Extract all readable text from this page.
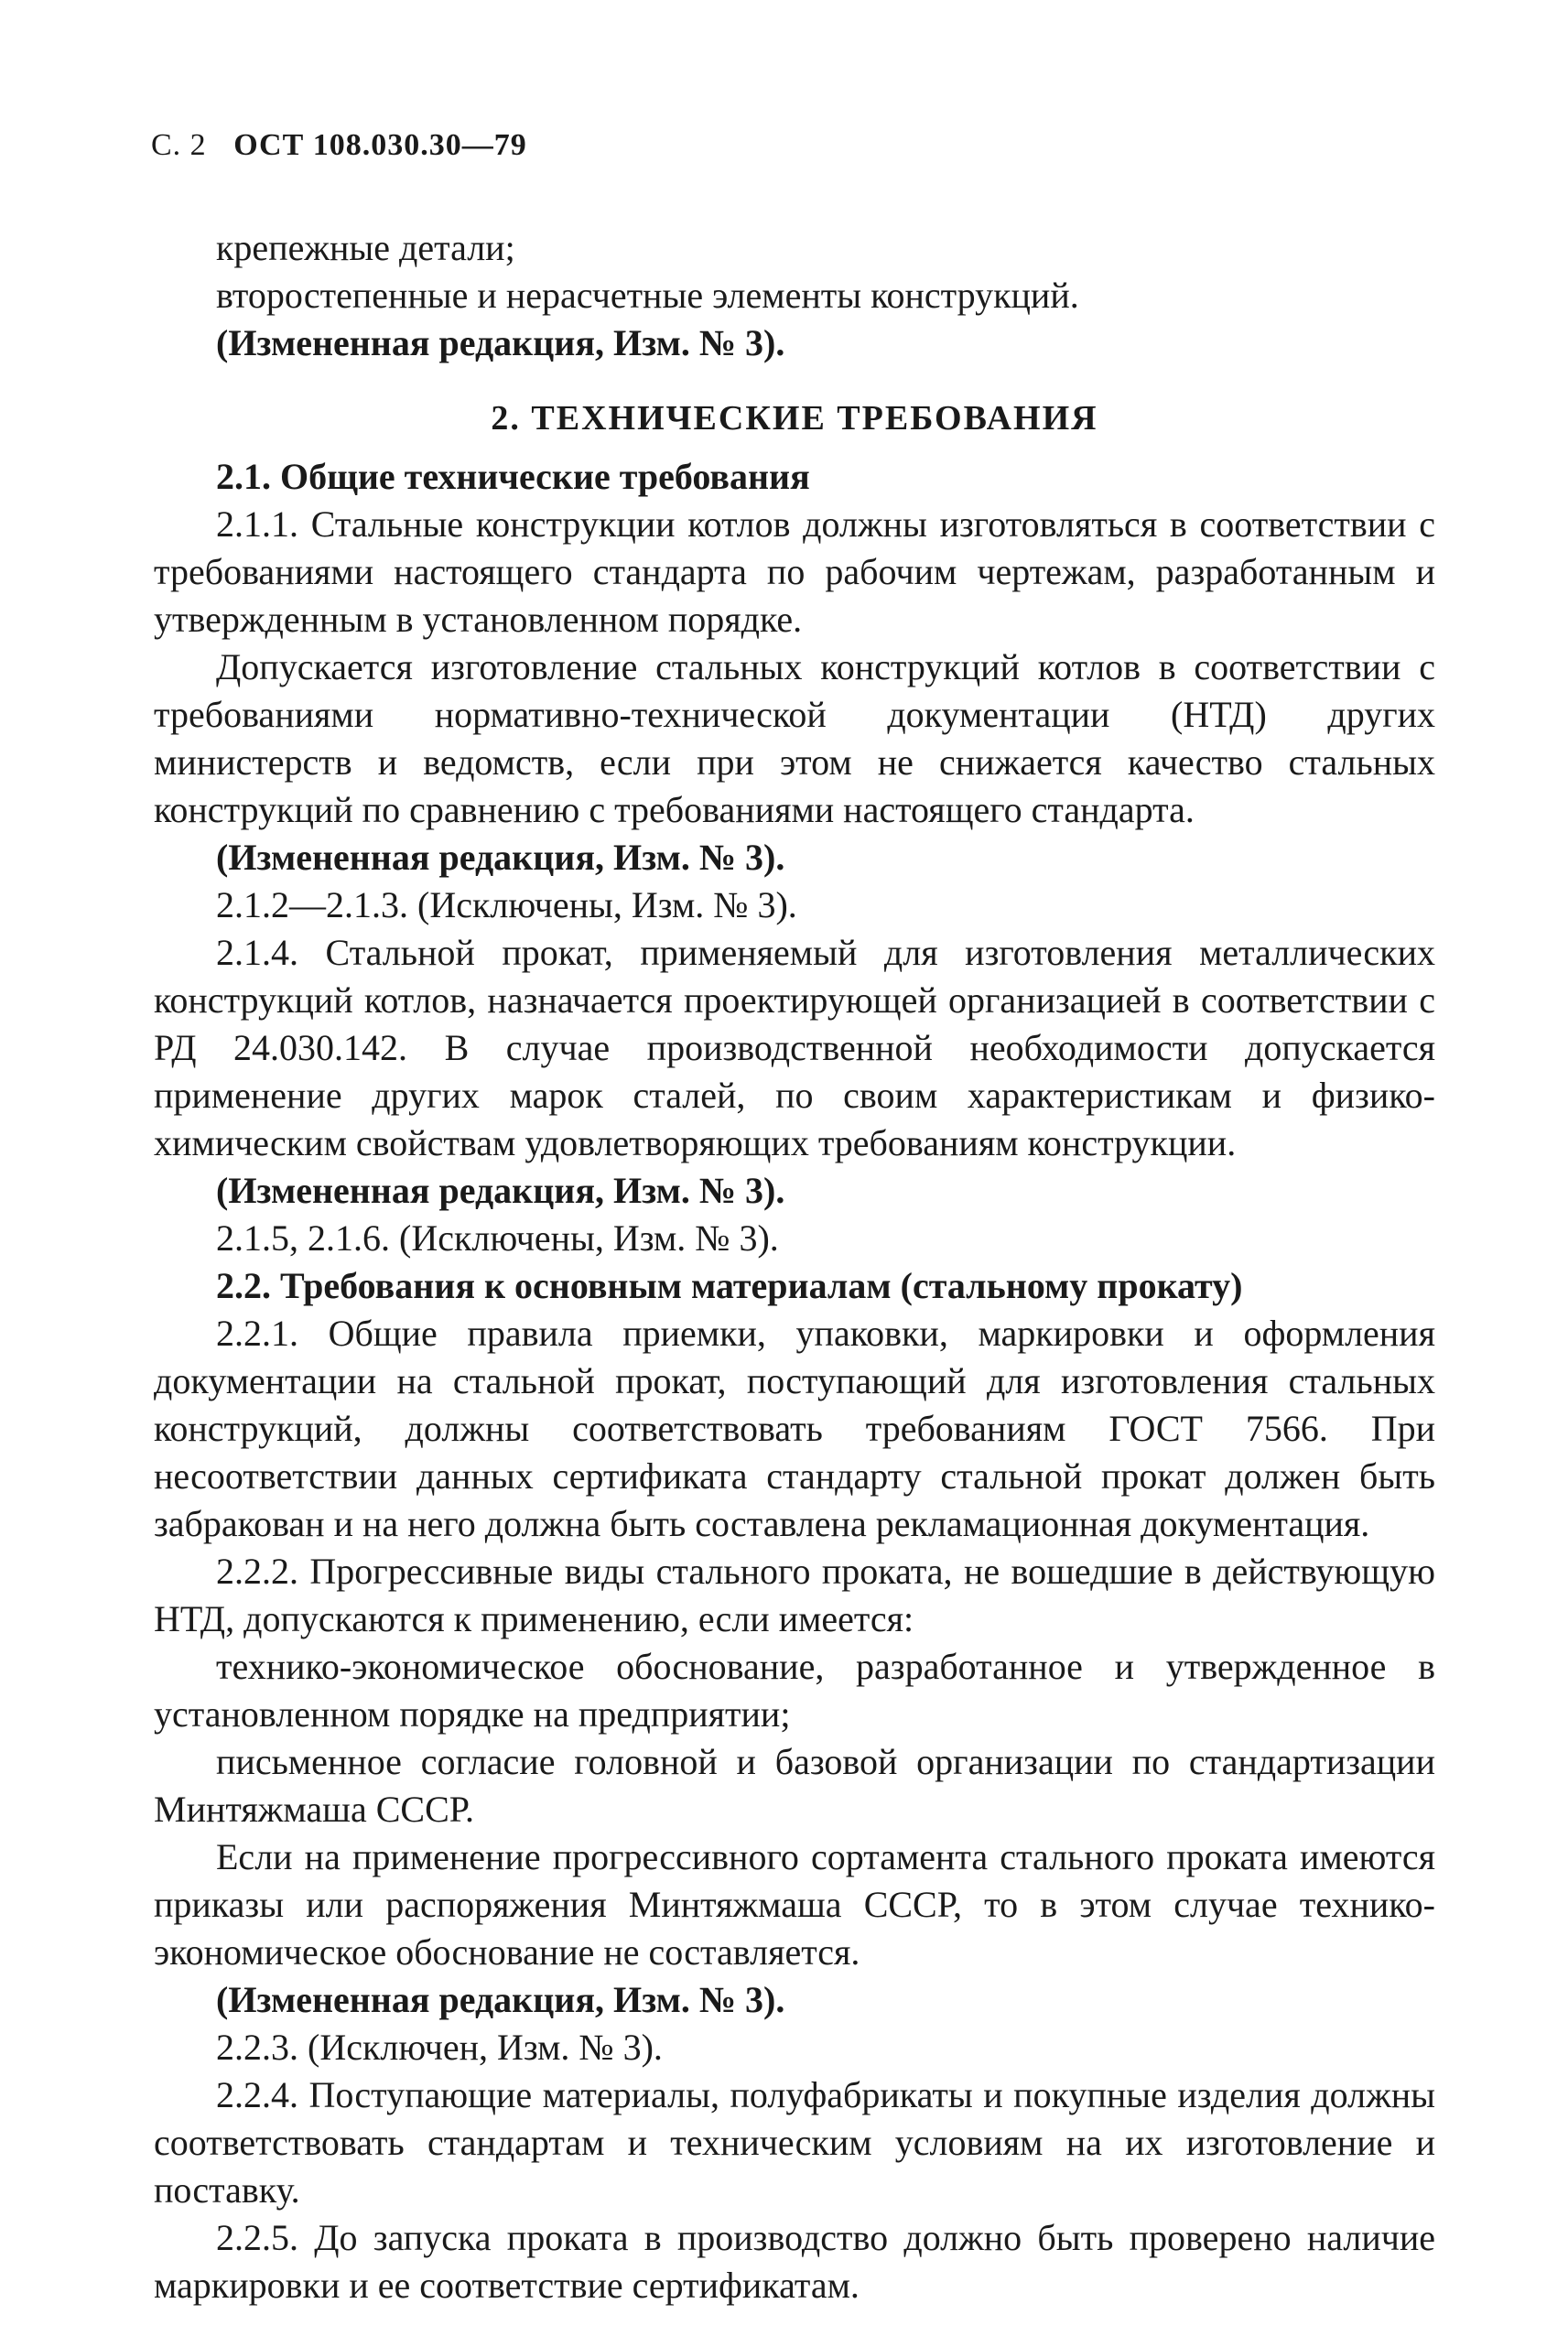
С. 2 ОСТ 108.030.30—79

крепежные детали;

второстепенные и нерасчетные элементы конструкций.

(Измененная редакция, Изм. № 3).

2. ТЕХНИЧЕСКИЕ ТРЕБОВАНИЯ

2.1. Общие технические требования

2.1.1. Стальные конструкции котлов должны изготовляться в соответствии с требованиями настоящего стандарта по рабочим чертежам, разработанным и утвержденным в установленном порядке.

Допускается изготовление стальных конструкций котлов в соответствии с требованиями нормативно-технической документации (НТД) других министерств и ведомств, если при этом не снижается качество стальных конструкций по сравнению с требованиями настоящего стандарта.

(Измененная редакция, Изм. № 3).

2.1.2—2.1.3. (Исключены, Изм. № 3).

2.1.4. Стальной прокат, применяемый для изготовления металлических конструкций котлов, назначается проектирующей организацией в соответствии с РД 24.030.142. В случае производственной необходимости допускается применение других марок сталей, по своим характеристикам и физико-химическим свойствам удовлетворяющих требованиям конструкции.

(Измененная редакция, Изм. № 3).

2.1.5, 2.1.6. (Исключены, Изм. № 3).

2.2. Требования к основным материалам (стальному прокату)

2.2.1. Общие правила приемки, упаковки, маркировки и оформления документации на стальной прокат, поступающий для изготовления стальных конструкций, должны соответствовать требованиям ГОСТ 7566. При несоответствии данных сертификата стандарту стальной прокат должен быть забракован и на него должна быть составлена рекламационная документация.

2.2.2. Прогрессивные виды стального проката, не вошедшие в действующую НТД, допускаются к применению, если имеется:

технико-экономическое обоснование, разработанное и утвержденное в установленном порядке на предприятии;

письменное согласие головной и базовой организации по стандартизации Минтяжмаша СССР.

Если на применение прогрессивного сортамента стального проката имеются приказы или распоряжения Минтяжмаша СССР, то в этом случае технико-экономическое обоснование не составляется.

(Измененная редакция, Изм. № 3).

2.2.3. (Исключен, Изм. № 3).

2.2.4. Поступающие материалы, полуфабрикаты и покупные изделия должны соответствовать стандартам и техническим условиям на их изготовление и поставку.

2.2.5. До запуска проката в производство должно быть проверено наличие маркировки и ее соответствие сертификатам.
